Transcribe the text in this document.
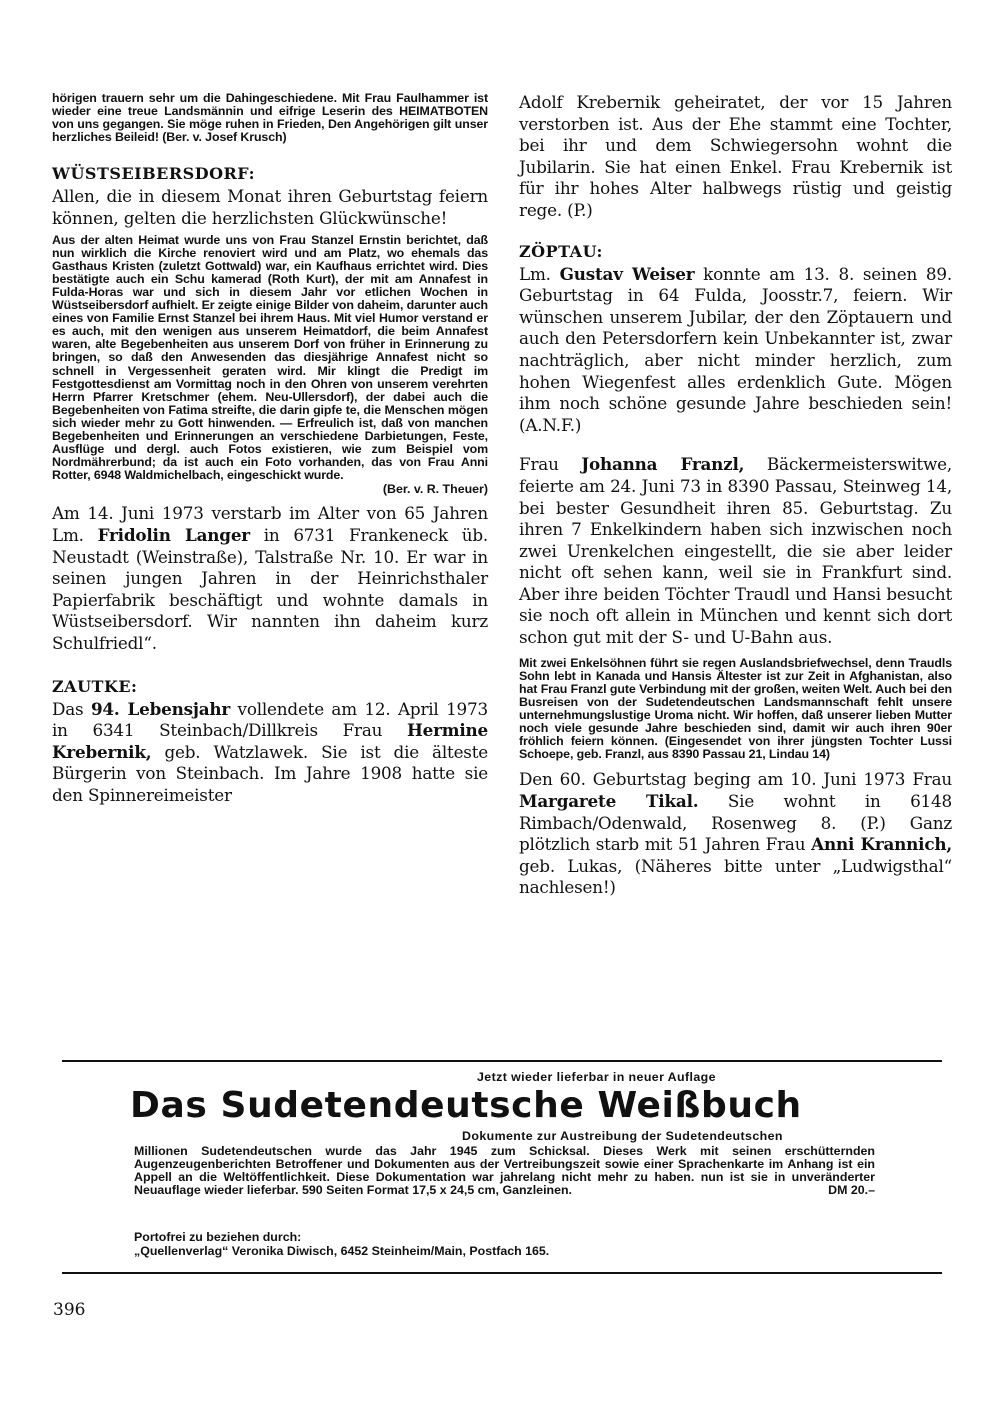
hörigen trauern sehr um die Dahingeschiedene. Mit Frau Faulhammer ist wieder eine treue Landsmännin und eifrige Leserin des HEIMATBOTEN von uns gegangen. Sie möge ruhen in Frieden, Den Angehörigen gilt unser herzliches Beileid! (Ber. v. Josef Krusch)

WÜSTSEIBERSDORF:

Allen, die in diesem Monat ihren Geburtstag feiern können, gelten die herzlichsten Glückwünsche!

Aus der alten Heimat wurde uns von Frau Stanzel Ernstin berichtet, daß nun wirklich die Kirche renoviert wird und am Platz, wo ehemals das Gasthaus Kristen (zuletzt Gottwald) war, ein Kaufhaus errichtet wird. Dies bestätigte auch ein Schu kamerad (Roth Kurt), der mit am Annafest in Fulda-Horas war und sich in diesem Jahr vor etlichen Wochen in Wüstseibersdorf aufhielt. Er zeigte einige Bilder von daheim, darunter auch eines von Familie Ernst Stanzel bei ihrem Haus. Mit viel Humor verstand er es auch, mit den wenigen aus unserem Heimatdorf, die beim Annafest waren, alte Begebenheiten aus unserem Dorf von früher in Erinnerung zu bringen, so daß den Anwesenden das diesjährige Annafest nicht so schnell in Vergessenheit geraten wird. Mir klingt die Predigt im Festgottesdienst am Vormittag noch in den Ohren von unserem verehrten Herrn Pfarrer Kretschmer (ehem. Neu-Ullersdorf), der dabei auch die Begebenheiten von Fatima streifte, die darin gipfe te, die Menschen mögen sich wieder mehr zu Gott hinwenden. — Erfreulich ist, daß von manchen Begebenheiten und Erinnerungen an verschiedene Darbietungen, Feste, Ausflüge und dergl. auch Fotos existieren, wie zum Beispiel vom Nordmährerbund; da ist auch ein Foto vorhanden, das von Frau Anni Rotter, 6948 Waldmichelbach, eingeschickt wurde.

(Ber. v. R. Theuer)

Am 14. Juni 1973 verstarb im Alter von 65 Jahren Lm. Fridolin Langer in 6731 Frankeneck üb. Neustadt (Weinstraße), Talstraße Nr. 10. Er war in seinen jungen Jahren in der Heinrichsthaler Papierfabrik beschäftigt und wohnte damals in Wüstseibersdorf. Wir nannten ihn daheim kurz Schulfriedl“.

ZAUTKE:

Das 94. Lebensjahr vollendete am 12. April 1973 in 6341 Steinbach/Dillkreis Frau Hermine Krebernik, geb. Watzlawek. Sie ist die älteste Bürgerin von Steinbach. Im Jahre 1908 hatte sie den Spinnereimeister

Adolf Krebernik geheiratet, der vor 15 Jahren verstorben ist. Aus der Ehe stammt eine Tochter, bei ihr und dem Schwiegersohn wohnt die Jubilarin. Sie hat einen Enkel. Frau Krebernik ist für ihr hohes Alter halbwegs rüstig und geistig rege. (P.)

ZÖPTAU:

Lm. Gustav Weiser konnte am 13. 8. seinen 89. Geburtstag in 64 Fulda, Joosstr.7, feiern. Wir wünschen unserem Jubilar, der den Zöptauern und auch den Petersdorfern kein Unbekannter ist, zwar nachträglich, aber nicht minder herzlich, zum hohen Wiegenfest alles erdenklich Gute. Mögen ihm noch schöne gesunde Jahre beschieden sein! (A.N.F.)

Frau Johanna Franzl, Bäckermeisterswitwe, feierte am 24. Juni 73 in 8390 Passau, Steinweg 14, bei bester Gesundheit ihren 85. Geburtstag. Zu ihren 7 Enkelkindern haben sich inzwischen noch zwei Urenkelchen eingestellt, die sie aber leider nicht oft sehen kann, weil sie in Frankfurt sind. Aber ihre beiden Töchter Traudl und Hansi besucht sie noch oft allein in München und kennt sich dort schon gut mit der S- und U-Bahn aus.

Mit zwei Enkelsöhnen führt sie regen Auslandsbriefwechsel, denn Traudls Sohn lebt in Kanada und Hansis Ältester ist zur Zeit in Afghanistan, also hat Frau Franzl gute Verbindung mit der großen, weiten Welt. Auch bei den Busreisen von der Sudetendeutschen Landsmannschaft fehlt unsere unternehmungslustige Uroma nicht. Wir hoffen, daß unserer lieben Mutter noch viele gesunde Jahre beschieden sind, damit wir auch ihren 90er fröhlich feiern können. (Eingesendet von ihrer jüngsten Tochter Lussi Schoepe, geb. Franzl, aus 8390 Passau 21, Lindau 14)

Den 60. Geburtstag beging am 10. Juni 1973 Frau Margarete Tikal. Sie wohnt in 6148 Rimbach/Odenwald, Rosenweg 8. (P.) Ganz plötzlich starb mit 51 Jahren Frau Anni Krannich, geb. Lukas, (Näheres bitte unter „Ludwigsthal“ nachlesen!)

Jetzt wieder lieferbar in neuer Auflage
Das Sudetendeutsche Weißbuch
Dokumente zur Austreibung der Sudetendeutschen

Millionen Sudetendeutschen wurde das Jahr 1945 zum Schicksal. Dieses Werk mit seinen erschütternden Augenzeugenberichten Betroffener und Dokumenten aus der Vertreibungszeit sowie einer Sprachenkarte im Anhang ist ein Appell an die Weltöffentlichkeit. Diese Dokumentation war jahrelang nicht mehr zu haben. nun ist sie in unveränderter Neuauflage wieder lieferbar. 590 Seiten Format 17,5 x 24,5 cm, Ganzleinen.	DM 20.–

Portofrei zu beziehen durch:
„Quellenverlag“ Veronika Diwisch, 6452 Steinheim/Main, Postfach 165.

396
